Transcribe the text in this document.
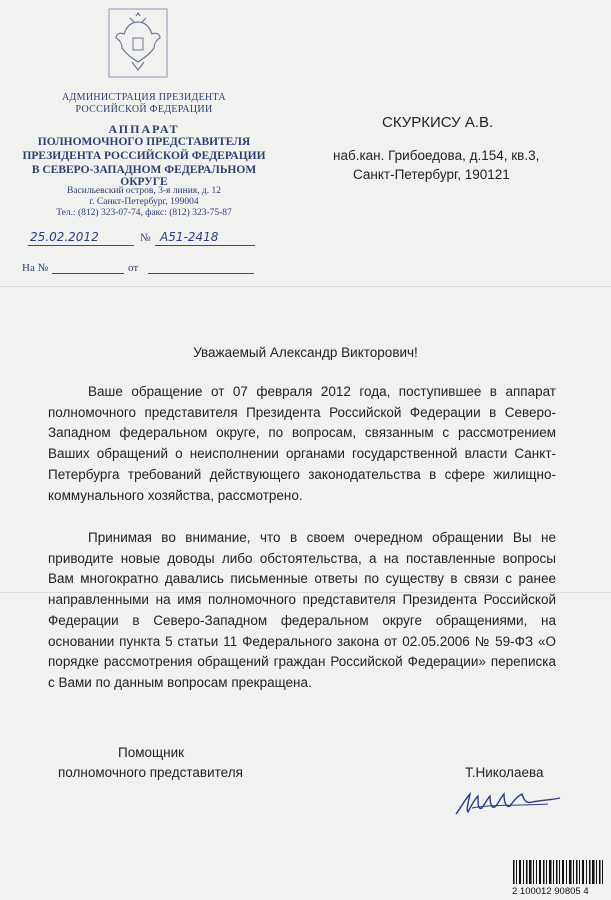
АДМИНИСТРАЦИЯ ПРЕЗИДЕНТА
РОССИЙСКОЙ ФЕДЕРАЦИИ
АППАРАТ
ПОЛНОМОЧНОГО ПРЕДСТАВИТЕЛЯ
ПРЕЗИДЕНТА РОССИЙСКОЙ ФЕДЕРАЦИИ
В СЕВЕРО-ЗАПАДНОМ ФЕДЕРАЛЬНОМ ОКРУГЕ
Васильевский остров, 3-я линия, д. 12
г. Санкт-Петербург, 199004
Тел.: (812) 323-07-74, факс: (812) 323-75-87
25.02.2012	№ А51-2418
На №	от
СКУРКИСУ А.В.
наб.кан. Грибоедова, д.154, кв.3,
Санкт-Петербург, 190121
Уважаемый Александр Викторович!

Ваше обращение от 07 февраля 2012 года, поступившее в аппарат полномочного представителя Президента Российской Федерации в Северо-Западном федеральном округе, по вопросам, связанным с рассмотрением Ваших обращений о неисполнении органами государственной власти Санкт-Петербурга требований действующего законодательства в сфере жилищно-коммунального хозяйства, рассмотрено.

Принимая во внимание, что в своем очередном обращении Вы не приводите новые доводы либо обстоятельства, а на поставленные вопросы Вам многократно давались письменные ответы по существу в связи с ранее направленными на имя полномочного представителя Президента Российской Федерации в Северо-Западном федеральном округе обращениями, на основании пункта 5 статьи 11 Федерального закона от 02.05.2006 № 59-ФЗ «О порядке рассмотрения обращений граждан Российской Федерации» переписка с Вами по данным вопросам прекращена.

Помощник
полномочного представителя	Т.Николаева
2 100012 90805 4
